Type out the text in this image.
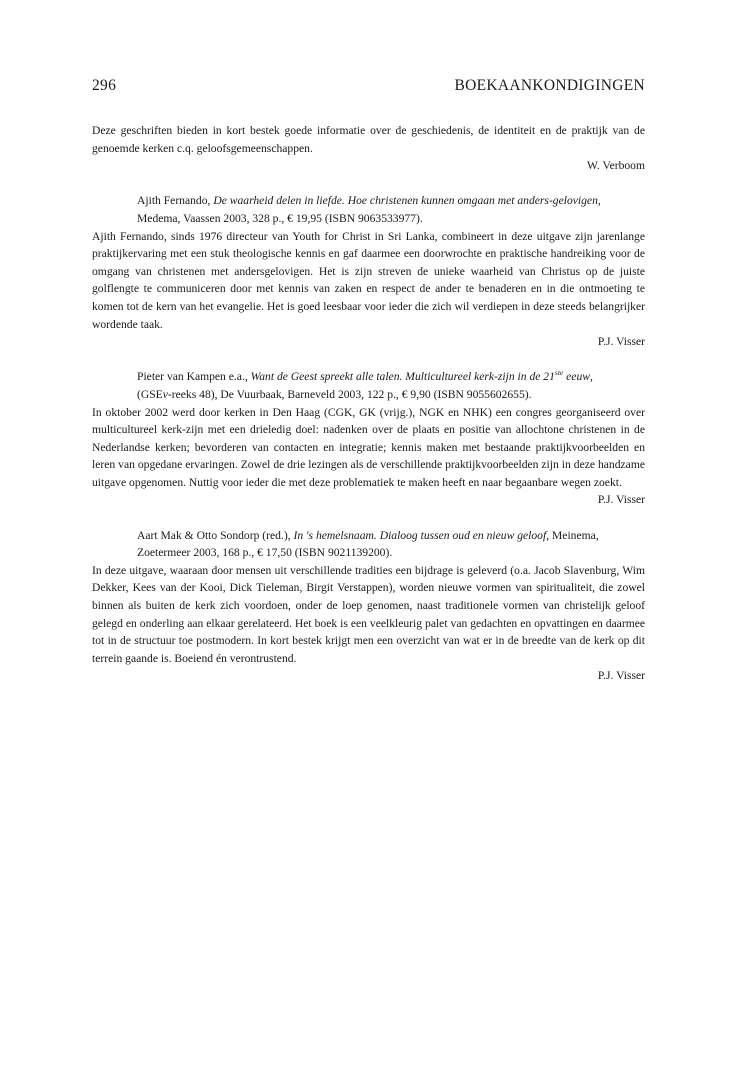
296	BOEKAANKONDIGINGEN

Deze geschriften bieden in kort bestek goede informatie over de geschiedenis, de identiteit en de praktijk van de genoemde kerken c.q. geloofsgemeenschappen.

W. Verboom

Ajith Fernando, De waarheid delen in liefde. Hoe christenen kunnen omgaan met anders-gelovigen,
Medema, Vaassen 2003, 328 p., € 19,95 (ISBN 9063533977).

Ajith Fernando, sinds 1976 directeur van Youth for Christ in Sri Lanka, combineert in deze uitgave zijn jarenlange praktijkervaring met een stuk theologische kennis en gaf daarmee een doorwrochte en praktische handreiking voor de omgang van christenen met andersgelovigen. Het is zijn streven de unieke waarheid van Christus op de juiste golflengte te communiceren door met kennis van zaken en respect de ander te benaderen en in die ontmoeting te komen tot de kern van het evangelie. Het is goed leesbaar voor ieder die zich wil verdiepen in deze steeds belangrijker wordende taak.

P.J. Visser

Pieter van Kampen e.a., Want de Geest spreekt alle talen. Multicultureel kerk-zijn in de 21ste eeuw,
(GSEv-reeks 48), De Vuurbaak, Barneveld 2003, 122 p., € 9,90 (ISBN 9055602655).

In oktober 2002 werd door kerken in Den Haag (CGK, GK (vrijg.), NGK en NHK) een congres georganiseerd over multicultureel kerk-zijn met een drieledig doel: nadenken over de plaats en positie van allochtone christenen in de Nederlandse kerken; bevorderen van contacten en integratie; kennis maken met bestaande praktijkvoorbeelden en leren van opgedane ervaringen. Zowel de drie lezingen als de verschillende praktijkvoorbeelden zijn in deze handzame uitgave opgenomen. Nuttig voor ieder die met deze problematiek te maken heeft en naar begaanbare wegen zoekt.

P.J. Visser

Aart Mak & Otto Sondorp (red.), In 's hemelsnaam. Dialoog tussen oud en nieuw geloof, Meinema,
Zoetermeer 2003, 168 p., € 17,50 (ISBN 9021139200).

In deze uitgave, waaraan door mensen uit verschillende tradities een bijdrage is geleverd (o.a. Jacob Slavenburg, Wim Dekker, Kees van der Kooi, Dick Tieleman, Birgit Verstappen), worden nieuwe vormen van spiritualiteit, die zowel binnen als buiten de kerk zich voordoen, onder de loep genomen, naast traditionele vormen van christelijk geloof gelegd en onderling aan elkaar gerelateerd. Het boek is een veelkleurig palet van gedachten en opvattingen en daarmee tot in de structuur toe postmodern. In kort bestek krijgt men een overzicht van wat er in de breedte van de kerk op dit terrein gaande is. Boeiend én verontrustend.

P.J. Visser
